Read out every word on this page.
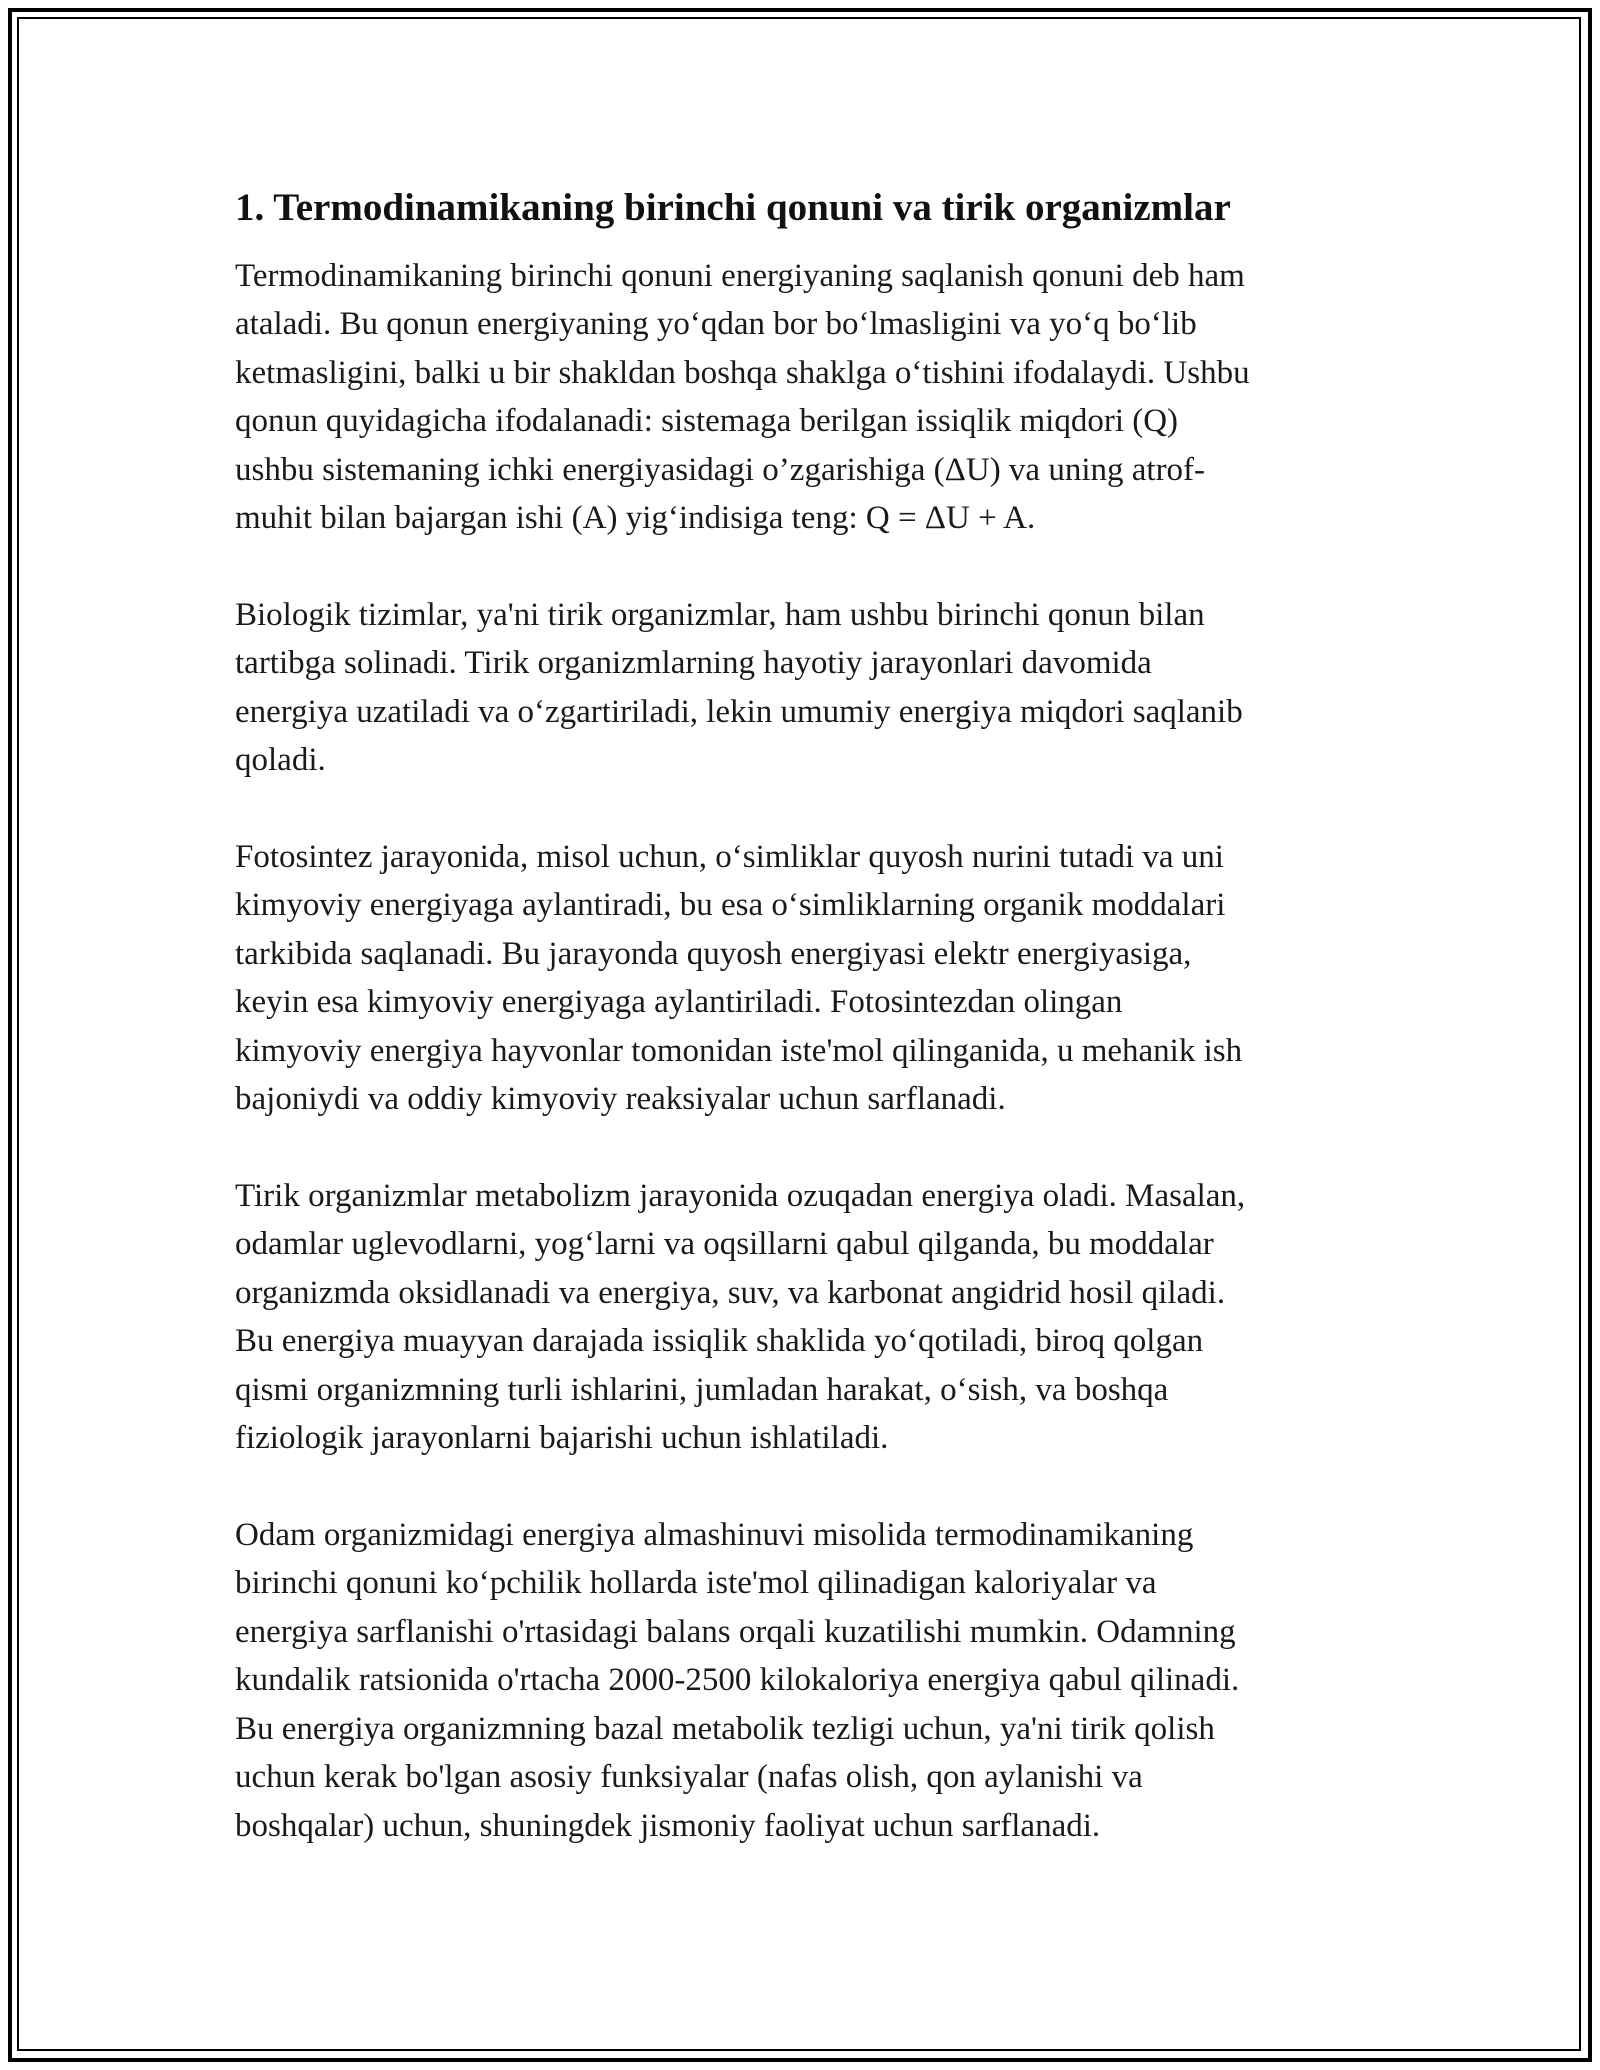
1. Termodinamikaning birinchi qonuni va tirik organizmlar

Termodinamikaning birinchi qonuni energiyaning saqlanish qonuni deb ham
ataladi. Bu qonun energiyaning yo‘qdan bor bo‘lmasligini va yo‘q bo‘lib
ketmasligini, balki u bir shakldan boshqa shaklga o‘tishini ifodalaydi. Ushbu
qonun quyidagicha ifodalanadi: sistemaga berilgan issiqlik miqdori (Q)
ushbu sistemaning ichki energiyasidagi o’zgarishiga (ΔU) va uning atrof-
muhit bilan bajargan ishi (A) yig‘indisiga teng: Q = ΔU + A.

Biologik tizimlar, ya'ni tirik organizmlar, ham ushbu birinchi qonun bilan
tartibga solinadi. Tirik organizmlarning hayotiy jarayonlari davomida
energiya uzatiladi va o‘zgartiriladi, lekin umumiy energiya miqdori saqlanib
qoladi.

Fotosintez jarayonida, misol uchun, o‘simliklar quyosh nurini tutadi va uni
kimyoviy energiyaga aylantiradi, bu esa o‘simliklarning organik moddalari
tarkibida saqlanadi. Bu jarayonda quyosh energiyasi elektr energiyasiga,
keyin esa kimyoviy energiyaga aylantiriladi. Fotosintezdan olingan
kimyoviy energiya hayvonlar tomonidan iste'mol qilinganida, u mehanik ish
bajoniydi va oddiy kimyoviy reaksiyalar uchun sarflanadi.

Tirik organizmlar metabolizm jarayonida ozuqadan energiya oladi. Masalan,
odamlar uglevodlarni, yog‘larni va oqsillarni qabul qilganda, bu moddalar
organizmda oksidlanadi va energiya, suv, va karbonat angidrid hosil qiladi.
Bu energiya muayyan darajada issiqlik shaklida yo‘qotiladi, biroq qolgan
qismi organizmning turli ishlarini, jumladan harakat, o‘sish, va boshqa
fiziologik jarayonlarni bajarishi uchun ishlatiladi.

Odam organizmidagi energiya almashinuvi misolida termodinamikaning
birinchi qonuni ko‘pchilik hollarda iste'mol qilinadigan kaloriyalar va
energiya sarflanishi o'rtasidagi balans orqali kuzatilishi mumkin. Odamning
kundalik ratsionida o'rtacha 2000-2500 kilokaloriya energiya qabul qilinadi.
Bu energiya organizmning bazal metabolik tezligi uchun, ya'ni tirik qolish
uchun kerak bo'lgan asosiy funksiyalar (nafas olish, qon aylanishi va
boshqalar) uchun, shuningdek jismoniy faoliyat uchun sarflanadi.
